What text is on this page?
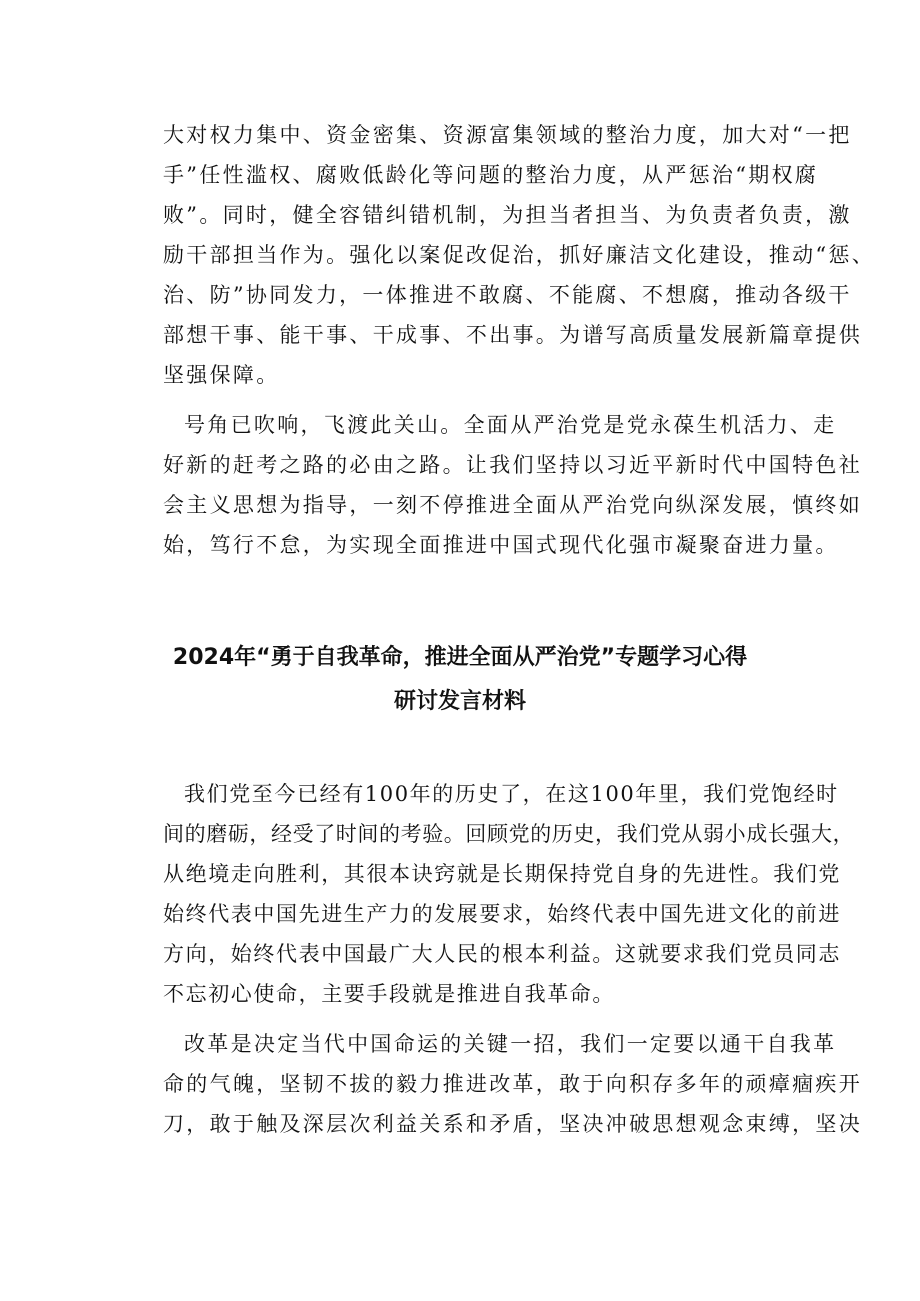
大对权力集中、资金密集、资源富集领域的整治力度，加大对“一把
手”任性滥权、腐败低龄化等问题的整治力度，从严惩治“期权腐
败”。同时，健全容错纠错机制，为担当者担当、为负责者负责，激
励干部担当作为。强化以案促改促治，抓好廉洁文化建设，推动“惩、
治、防”协同发力，一体推进不敢腐、不能腐、不想腐，推动各级干
部想干事、能干事、干成事、不出事。为谱写高质量发展新篇章提供
坚强保障。
号角已吹响，飞渡此关山。全面从严治党是党永葆生机活力、走
好新的赶考之路的必由之路。让我们坚持以习近平新时代中国特色社
会主义思想为指导，一刻不停推进全面从严治党向纵深发展，慎终如
始，笃行不怠，为实现全面推进中国式现代化强市凝聚奋进力量。
2024年“勇于自我革命，推进全面从严治党”专题学习心得
研讨发言材料
我们党至今已经有100年的历史了，在这100年里，我们党饱经时
间的磨砺，经受了时间的考验。回顾党的历史，我们党从弱小成长强大，
从绝境走向胜利，其很本诀窍就是长期保持党自身的先进性。我们党
始终代表中国先进生产力的发展要求，始终代表中国先进文化的前进
方向，始终代表中国最广大人民的根本利益。这就要求我们党员同志
不忘初心使命，主要手段就是推进自我革命。
改革是决定当代中国命运的关键一招，我们一定要以通干自我革
命的气魄，坚韧不拔的毅力推进改革，敢于向积存多年的顽瘴痼疾开
刀，敢于触及深层次利益关系和矛盾，坚决冲破思想观念束缚，坚决
